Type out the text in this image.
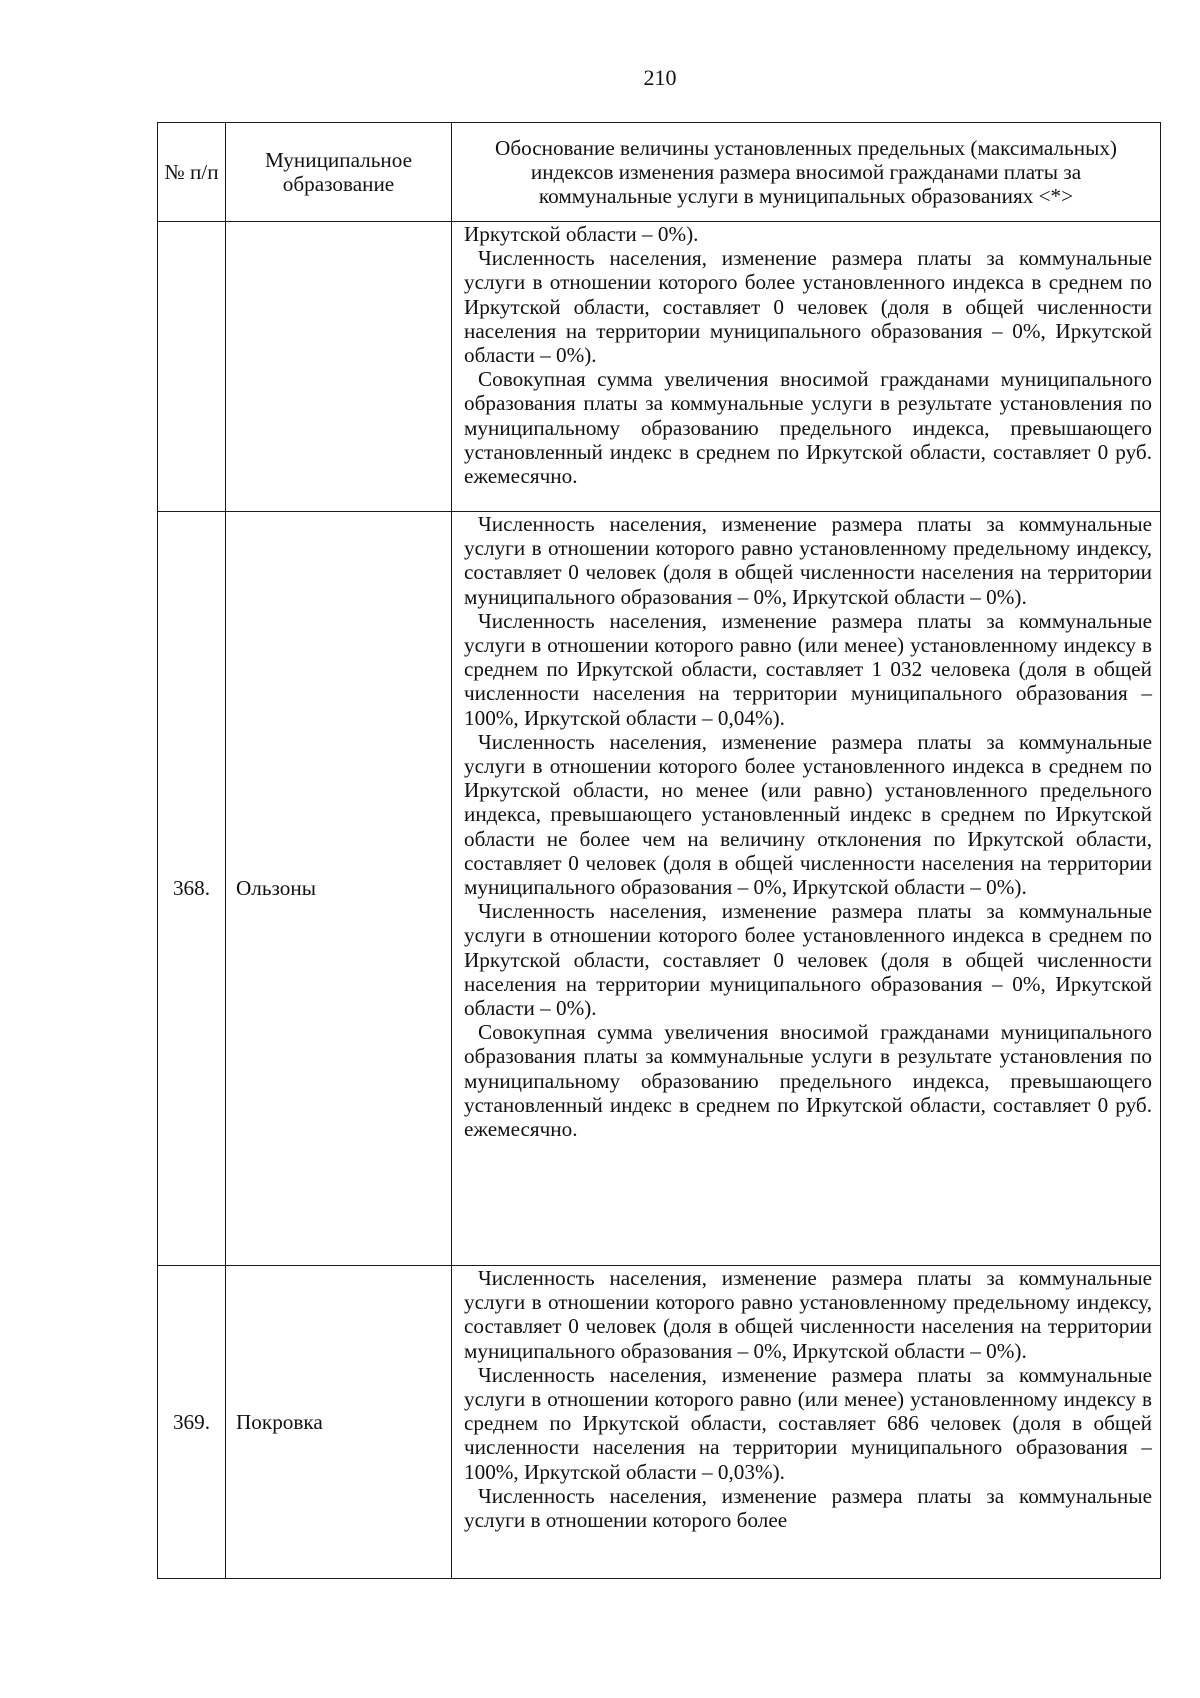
210
№ п/п	Муниципальное образование	Обоснование величины установленных предельных (максимальных) индексов изменения размера вносимой гражданами платы за коммунальные услуги в муниципальных образованиях <*>

		Иркутской области – 0%).

Численность населения, изменение размера платы за коммунальные услуги в отношении которого более установленного индекса в среднем по Иркутской области, составляет 0 человек (доля в общей численности населения на территории муниципального образования – 0%, Иркутской области – 0%).

Совокупная сумма увеличения вносимой гражданами муниципального образования платы за коммунальные услуги в результате установления по муниципальному образованию предельного индекса, превышающего установленный индекс в среднем по Иркутской области, составляет 0 руб. ежемесячно.

368.	Ользоны	Численность населения, изменение размера платы за коммунальные услуги в отношении которого равно установленному предельному индексу, составляет 0 человек (доля в общей численности населения на территории муниципального образования – 0%, Иркутской области – 0%).

Численность населения, изменение размера платы за коммунальные услуги в отношении которого равно (или менее) установленному индексу в среднем по Иркутской области, составляет 1 032 человека (доля в общей численности населения на территории муниципального образования – 100%, Иркутской области – 0,04%).

Численность населения, изменение размера платы за коммунальные услуги в отношении которого более установленного индекса в среднем по Иркутской области, но менее (или равно) установленного предельного индекса, превышающего установленный индекс в среднем по Иркутской области не более чем на величину отклонения по Иркутской области, составляет 0 человек (доля в общей численности населения на территории муниципального образования – 0%, Иркутской области – 0%).

Численность населения, изменение размера платы за коммунальные услуги в отношении которого более установленного индекса в среднем по Иркутской области, составляет 0 человек (доля в общей численности населения на территории муниципального образования – 0%, Иркутской области – 0%).

Совокупная сумма увеличения вносимой гражданами муниципального образования платы за коммунальные услуги в результате установления по муниципальному образованию предельного индекса, превышающего установленный индекс в среднем по Иркутской области, составляет 0 руб. ежемесячно.

369.	Покровка	Численность населения, изменение размера платы за коммунальные услуги в отношении которого равно установленному предельному индексу, составляет 0 человек (доля в общей численности населения на территории муниципального образования – 0%, Иркутской области – 0%).

Численность населения, изменение размера платы за коммунальные услуги в отношении которого равно (или менее) установленному индексу в среднем по Иркутской области, составляет 686 человек (доля в общей численности населения на территории муниципального образования – 100%, Иркутской области – 0,03%).

Численность населения, изменение размера платы за коммунальные услуги в отношении которого более
